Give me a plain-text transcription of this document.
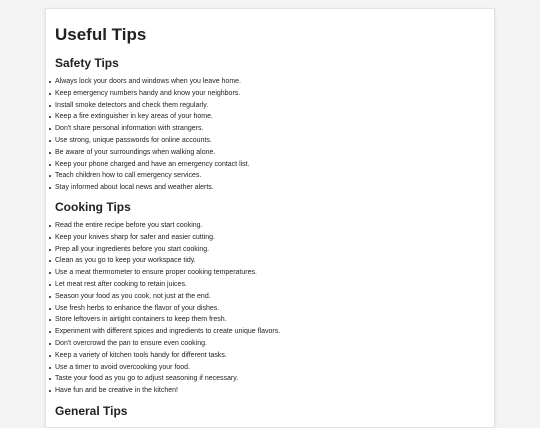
Useful Tips
Safety Tips
Always lock your doors and windows when you leave home.
Keep emergency numbers handy and know your neighbors.
Install smoke detectors and check them regularly.
Keep a fire extinguisher in key areas of your home.
Don't share personal information with strangers.
Use strong, unique passwords for online accounts.
Be aware of your surroundings when walking alone.
Keep your phone charged and have an emergency contact list.
Teach children how to call emergency services.
Stay informed about local news and weather alerts.
Cooking Tips
Read the entire recipe before you start cooking.
Keep your knives sharp for safer and easier cutting.
Prep all your ingredients before you start cooking.
Clean as you go to keep your workspace tidy.
Use a meat thermometer to ensure proper cooking temperatures.
Let meat rest after cooking to retain juices.
Season your food as you cook, not just at the end.
Use fresh herbs to enhance the flavor of your dishes.
Store leftovers in airtight containers to keep them fresh.
Experiment with different spices and ingredients to create unique flavors.
Don't overcrowd the pan to ensure even cooking.
Keep a variety of kitchen tools handy for different tasks.
Use a timer to avoid overcooking your food.
Taste your food as you go to adjust seasoning if necessary.
Have fun and be creative in the kitchen!
General Tips
